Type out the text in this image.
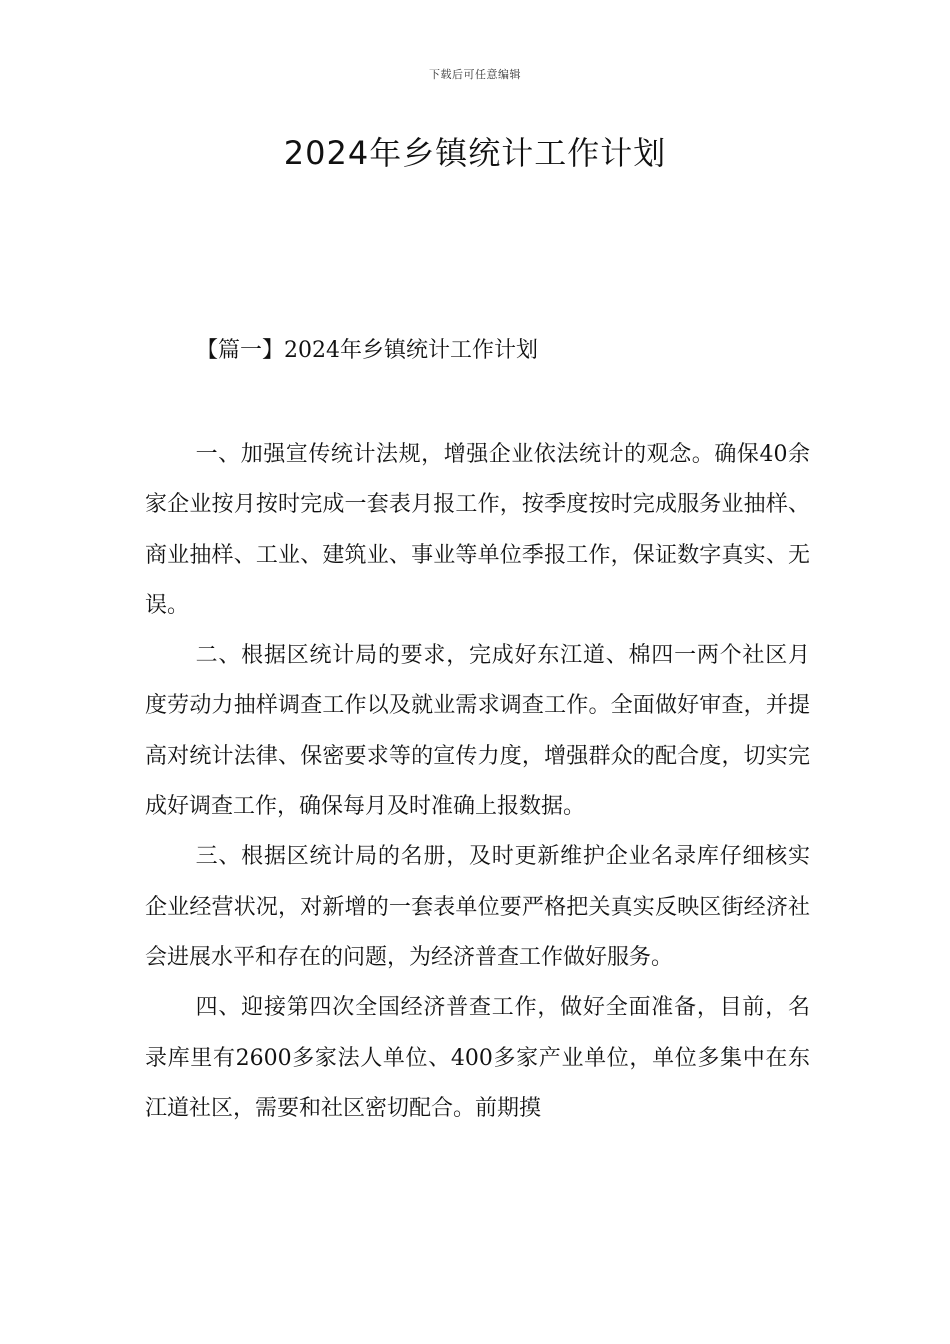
下载后可任意编辑
2024年乡镇统计工作计划
【篇一】2024年乡镇统计工作计划

一、加强宣传统计法规，增强企业依法统计的观念。确保40余家企业按月按时完成一套表月报工作，按季度按时完成服务业抽样、商业抽样、工业、建筑业、事业等单位季报工作，保证数字真实、无误。

二、根据区统计局的要求，完成好东江道、棉四一两个社区月度劳动力抽样调查工作以及就业需求调查工作。全面做好审查，并提高对统计法律、保密要求等的宣传力度，增强群众的配合度，切实完成好调查工作，确保每月及时准确上报数据。

三、根据区统计局的名册，及时更新维护企业名录库仔细核实企业经营状况，对新增的一套表单位要严格把关真实反映区街经济社会进展水平和存在的问题，为经济普查工作做好服务。

四、迎接第四次全国经济普查工作，做好全面准备，目前，名录库里有2600多家法人单位、400多家产业单位，单位多集中在东江道社区，需要和社区密切配合。前期摸
